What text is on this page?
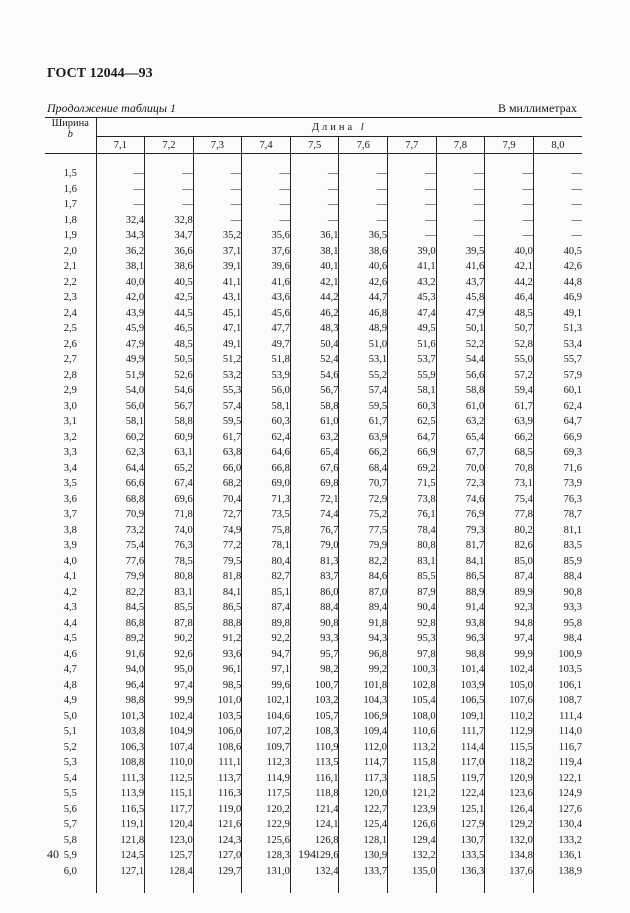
ГОСТ 12044—93
Продолжение таблицы 1	В миллиметрах
Ширина
b	Длина l									
	7,1	7,2	7,3	7,4	7,5	7,6	7,7	7,8	7,9	8,0

1,5	—	—	—	—	—	—	—	—	—	—
1,6	—	—	—	—	—	—	—	—	—	—
1,7	—	—	—	—	—	—	—	—	—	—
1,8	32,4	32,8	—	—	—	—	—	—	—	—
1,9	34,3	34,7	35,2	35,6	36,1	36,5	—	—	—	—
2,0	36,2	36,6	37,1	37,6	38,1	38,6	39,0	39,5	40,0	40,5
2,1	38,1	38,6	39,1	39,6	40,1	40,6	41,1	41,6	42,1	42,6
2,2	40,0	40,5	41,1	41,6	42,1	42,6	43,2	43,7	44,2	44,8
2,3	42,0	42,5	43,1	43,6	44,2	44,7	45,3	45,8	46,4	46,9
2,4	43,9	44,5	45,1	45,6	46,2	46,8	47,4	47,9	48,5	49,1
2,5	45,9	46,5	47,1	47,7	48,3	48,9	49,5	50,1	50,7	51,3
2,6	47,9	48,5	49,1	49,7	50,4	51,0	51,6	52,2	52,8	53,4
2,7	49,9	50,5	51,2	51,8	52,4	53,1	53,7	54,4	55,0	55,7
2,8	51,9	52,6	53,2	53,9	54,6	55,2	55,9	56,6	57,2	57,9
2,9	54,0	54,6	55,3	56,0	56,7	57,4	58,1	58,8	59,4	60,1
3,0	56,0	56,7	57,4	58,1	58,8	59,5	60,3	61,0	61,7	62,4
3,1	58,1	58,8	59,5	60,3	61,0	61,7	62,5	63,2	63,9	64,7
3,2	60,2	60,9	61,7	62,4	63,2	63,9	64,7	65,4	66,2	66,9
3,3	62,3	63,1	63,8	64,6	65,4	66,2	66,9	67,7	68,5	69,3
3,4	64,4	65,2	66,0	66,8	67,6	68,4	69,2	70,0	70,8	71,6
3,5	66,6	67,4	68,2	69,0	69,8	70,7	71,5	72,3	73,1	73,9
3,6	68,8	69,6	70,4	71,3	72,1	72,9	73,8	74,6	75,4	76,3
3,7	70,9	71,8	72,7	73,5	74,4	75,2	76,1	76,9	77,8	78,7
3,8	73,2	74,0	74,9	75,8	76,7	77,5	78,4	79,3	80,2	81,1
3,9	75,4	76,3	77,2	78,1	79,0	79,9	80,8	81,7	82,6	83,5
4,0	77,6	78,5	79,5	80,4	81,3	82,2	83,1	84,1	85,0	85,9
4,1	79,9	80,8	81,8	82,7	83,7	84,6	85,5	86,5	87,4	88,4
4,2	82,2	83,1	84,1	85,1	86,0	87,0	87,9	88,9	89,9	90,8
4,3	84,5	85,5	86,5	87,4	88,4	89,4	90,4	91,4	92,3	93,3
4,4	86,8	87,8	88,8	89,8	90,8	91,8	92,8	93,8	94,8	95,8
4,5	89,2	90,2	91,2	92,2	93,3	94,3	95,3	96,3	97,4	98,4
4,6	91,6	92,6	93,6	94,7	95,7	96,8	97,8	98,8	99,9	100,9
4,7	94,0	95,0	96,1	97,1	98,2	99,2	100,3	101,4	102,4	103,5
4,8	96,4	97,4	98,5	99,6	100,7	101,8	102,8	103,9	105,0	106,1
4,9	98,8	99,9	101,0	102,1	103,2	104,3	105,4	106,5	107,6	108,7
5,0	101,3	102,4	103,5	104,6	105,7	106,9	108,0	109,1	110,2	111,4
5,1	103,8	104,9	106,0	107,2	108,3	109,4	110,6	111,7	112,9	114,0
5,2	106,3	107,4	108,6	109,7	110,9	112,0	113,2	114,4	115,5	116,7
5,3	108,8	110,0	111,1	112,3	113,5	114,7	115,8	117,0	118,2	119,4
5,4	111,3	112,5	113,7	114,9	116,1	117,3	118,5	119,7	120,9	122,1
5,5	113,9	115,1	116,3	117,5	118,8	120,0	121,2	122,4	123,6	124,9
5,6	116,5	117,7	119,0	120,2	121,4	122,7	123,9	125,1	126,4	127,6
5,7	119,1	120,4	121,6	122,9	124,1	125,4	126,6	127,9	129,2	130,4
5,8	121,8	123,0	124,3	125,6	126,8	128,1	129,4	130,7	132,0	133,2
5,9	124,5	125,7	127,0	128,3	129,6	130,9	132,2	133,5	134,8	136,1
6,0	127,1	128,4	129,7	131,0	132,4	133,7	135,0	136,3	137,6	138,9

40	194
